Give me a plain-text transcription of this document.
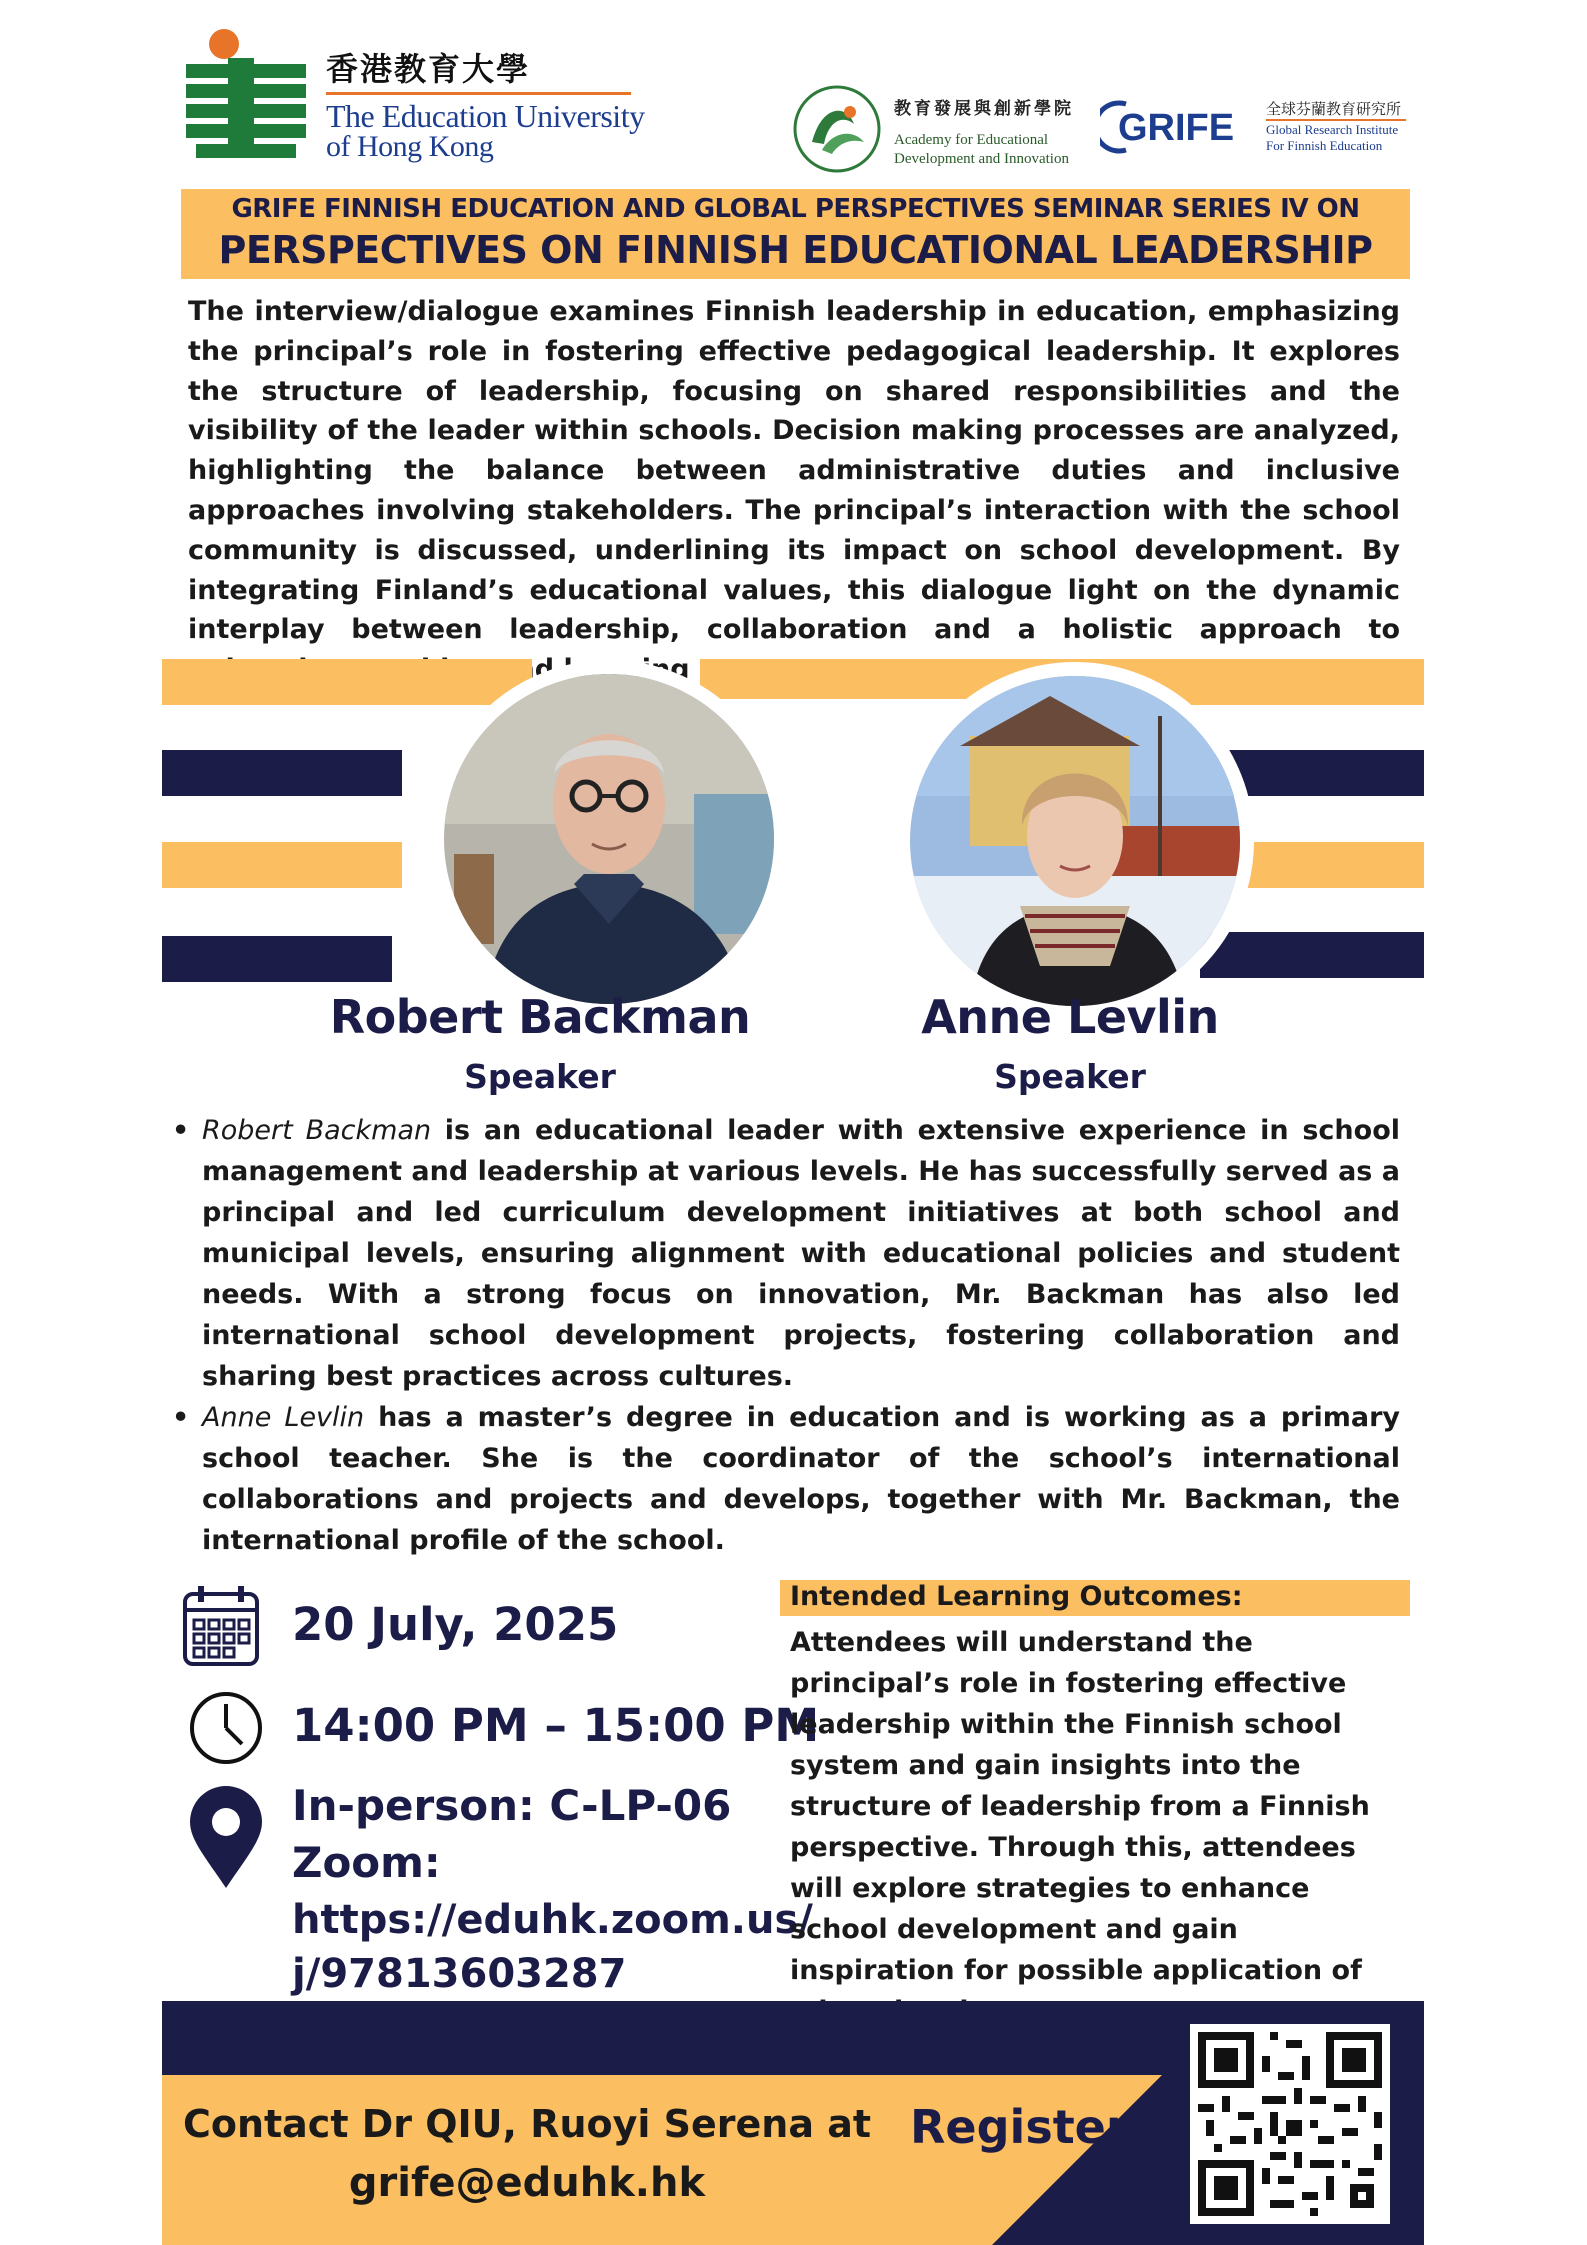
香港教育大學
The Education University
of Hong Kong
教育發展與創新學院
Academy for Educational
Development and Innovation
GRIFE 全球芬蘭教育研究所
Global Research Institute
For Finnish Education
GRIFE FINNISH EDUCATION AND GLOBAL PERSPECTIVES SEMINAR SERIES Ⅳ ON
PERSPECTIVES ON FINNISH EDUCATIONAL LEADERSHIP
The interview/dialogue examines Finnish leadership in education, emphasizing the principal’s role in fostering effective pedagogical leadership. It explores the structure of leadership, focusing on shared responsibilities and the visibility of the leader within schools. Decision making processes are analyzed, highlighting the balance between administrative duties and inclusive approaches involving stakeholders. The principal’s interaction with the school community is discussed, underlining its impact on school development. By integrating Finland’s educational values, this dialogue light on the dynamic interplay between leadership, collaboration and a holistic approach to learning
Robert Backman
Speaker
Anne Levlin
Speaker
• Robert Backman is an educational leader with extensive experience in school management and leadership at various levels. He has successfully served as a principal and led curriculum development initiatives at both school and municipal levels, ensuring alignment with educational policies and student needs. With a strong focus on innovation, Mr. Backman has also led international school development projects, fostering collaboration and sharing best practices across cultures.
• Anne Levlin has a master’s degree in education and is working as a primary school teacher. She is the coordinator of the school’s international collaborations and projects and develops, together with Mr. Backman, the international profile of the school.
20 July, 2025
14:00 PM – 15:00 PM
In-person: C-LP-06
Zoom:
https://eduhk.zoom.us/
j/97813603287
Intended Learning Outcomes:
Attendees will understand the principal’s role in fostering effective leadership within the Finnish school system and gain insights into the structure of leadership from a Finnish perspective. Through this, attendees will explore strategies to enhance school development and gain inspiration for possible application of
Contact Dr QIU, Ruoyi Serena at
grife@eduhk.hk
Register
